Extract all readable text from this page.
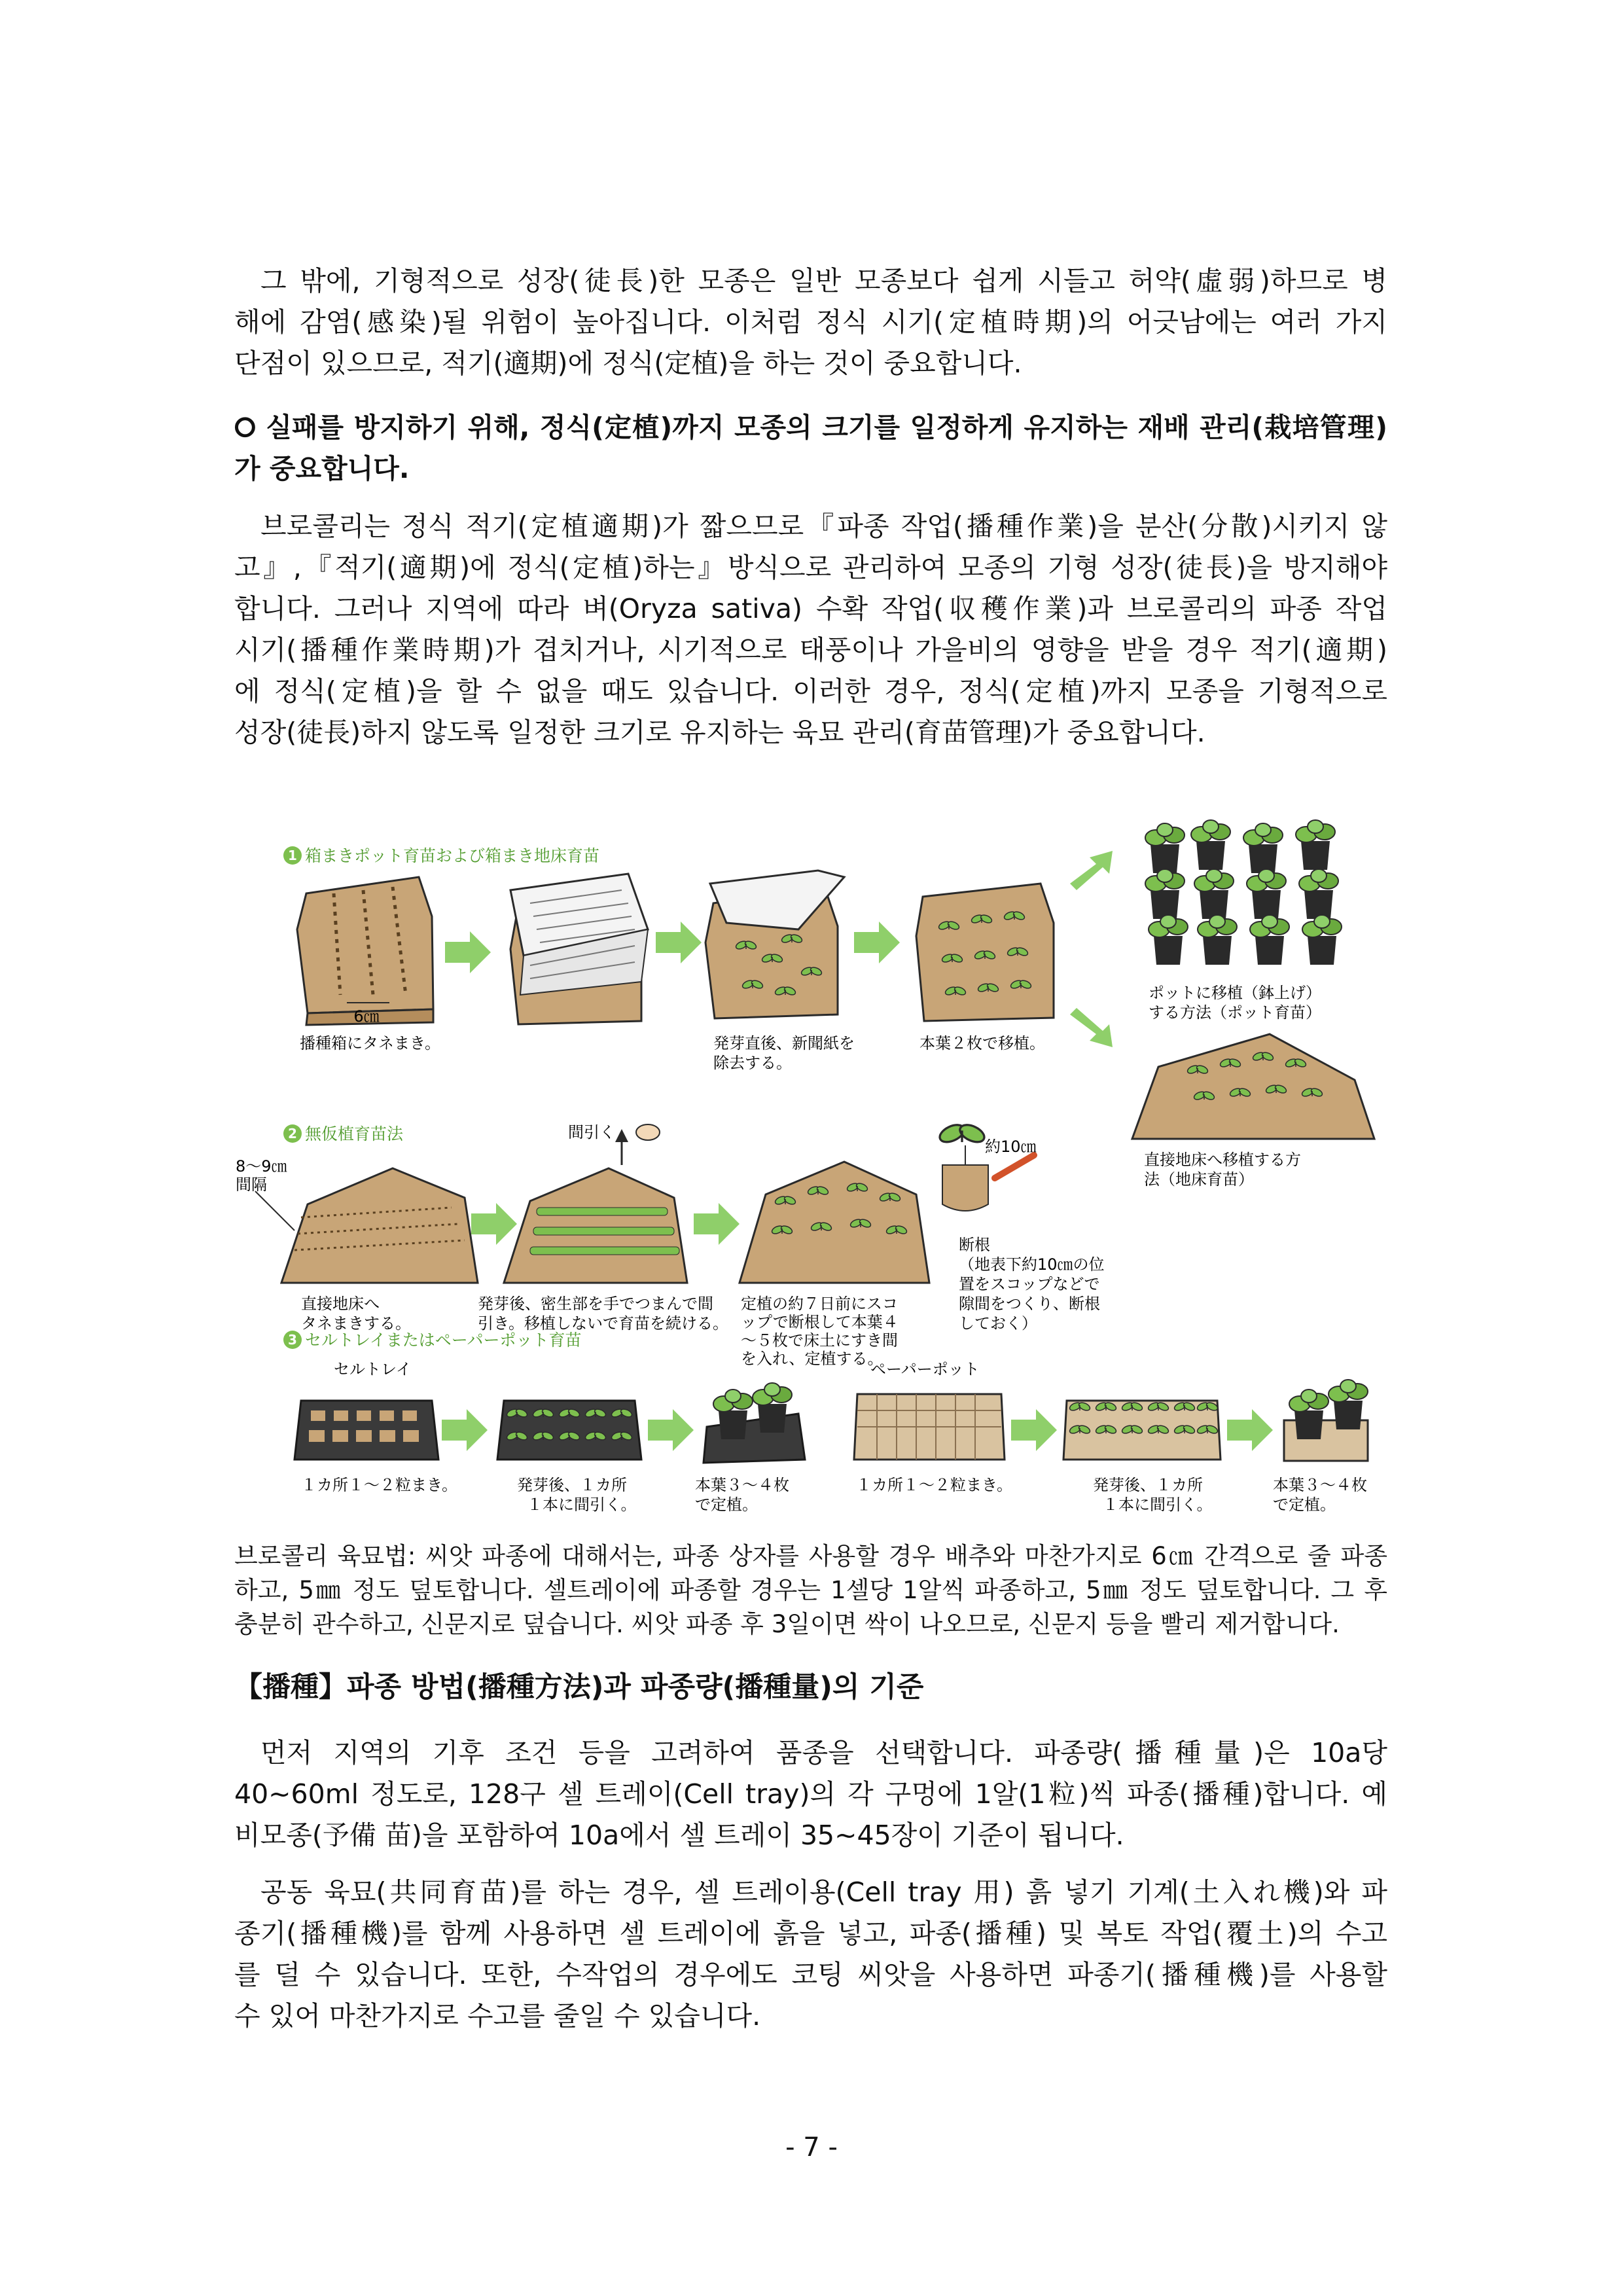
그 밖에, 기형적으로 성장(徒長)한 모종은 일반 모종보다 쉽게 시들고 허약(虛弱)하므로 병
해에 감염(感染)될 위험이 높아집니다. 이처럼 정식 시기(定植時期)의 어긋남에는 여러 가지
단점이 있으므로, 적기(適期)에 정식(定植)을 하는 것이 중요합니다.
⭘ 실패를 방지하기 위해, 정식(定植)까지 모종의 크기를 일정하게 유지하는 재배 관리(栽培管理)
가 중요합니다.
브로콜리는 정식 적기(定植適期)가 짧으므로『파종 작업(播種作業)을 분산(分散)시키지 않
고』,『적기(適期)에 정식(定植)하는』방식으로 관리하여 모종의 기형 성장(徒長)을 방지해야
합니다. 그러나 지역에 따라 벼(Oryza sativa) 수확 작업(収穫作業)과 브로콜리의 파종 작업
시기(播種作業時期)가 겹치거나, 시기적으로 태풍이나 가을비의 영향을 받을 경우 적기(適期)
에 정식(定植)을 할 수 없을 때도 있습니다. 이러한 경우, 정식(定植)까지 모종을 기형적으로
성장(徒長)하지 않도록 일정한 크기로 유지하는 육묘 관리(育苗管理)가 중요합니다.
1 箱まきポット育苗および箱まき地床育苗
6㎝
播種箱にタネまき。	発芽直後、新聞紙を
除去する。
本葉２枚で移植。
ポットに移植（鉢上げ）
する方法（ポット育苗）
直接地床へ移植する方
法（地床育苗）
2 無仮植育苗法
8～9㎝
間隔
直接地床へ
タネまきする。
間引く
発芽後、密生部を手でつまんで間
引き。移植しないで育苗を続ける。
定植の約７日前にスコ
ップで断根して本葉４
～５枚で床土にすき間
を入れ、定植する。
約10㎝
断根
（地表下約10㎝の位
置をスコップなどで
隙間をつくり、断根
しておく）
3 セルトレイまたはペーパーポット育苗
セルトレイ	ペーパーポット
１カ所１～２粒まき。	発芽後、１カ所
１本に間引く。
本葉３～４枚
で定植。
１カ所１～２粒まき。	発芽後、１カ所
１本に間引く。
本葉３～４枚
で定植。
브로콜리 육묘법: 씨앗 파종에 대해서는, 파종 상자를 사용할 경우 배추와 마찬가지로 6㎝ 간격으로 줄 파종
하고, 5㎜ 정도 덮토합니다. 셀트레이에 파종할 경우는 1셀당 1알씩 파종하고, 5㎜ 정도 덮토합니다. 그 후
충분히 관수하고, 신문지로 덮습니다. 씨앗 파종 후 3일이면 싹이 나오므로, 신문지 등을 빨리 제거합니다.
【播種】파종 방법(播種方法)과 파종량(播種量)의 기준
먼저 지역의 기후 조건 등을 고려하여 품종을 선택합니다. 파종량(播種量)은 10a당
40~60ml 정도로, 128구 셀 트레이(Cell tray)의 각 구멍에 1알(1粒)씩 파종(播種)합니다. 예
비모종(予備 苗)을 포함하여 10a에서 셀 트레이 35~45장이 기준이 됩니다.
공동 육묘(共同育苗)를 하는 경우, 셀 트레이용(Cell tray 用) 흙 넣기 기계(土入れ機)와 파
종기(播種機)를 함께 사용하면 셀 트레이에 흙을 넣고, 파종(播種) 및 복토 작업(覆土)의 수고
를 덜 수 있습니다. 또한, 수작업의 경우에도 코팅 씨앗을 사용하면 파종기(播種機)를 사용할
수 있어 마찬가지로 수고를 줄일 수 있습니다.
- 7 -
